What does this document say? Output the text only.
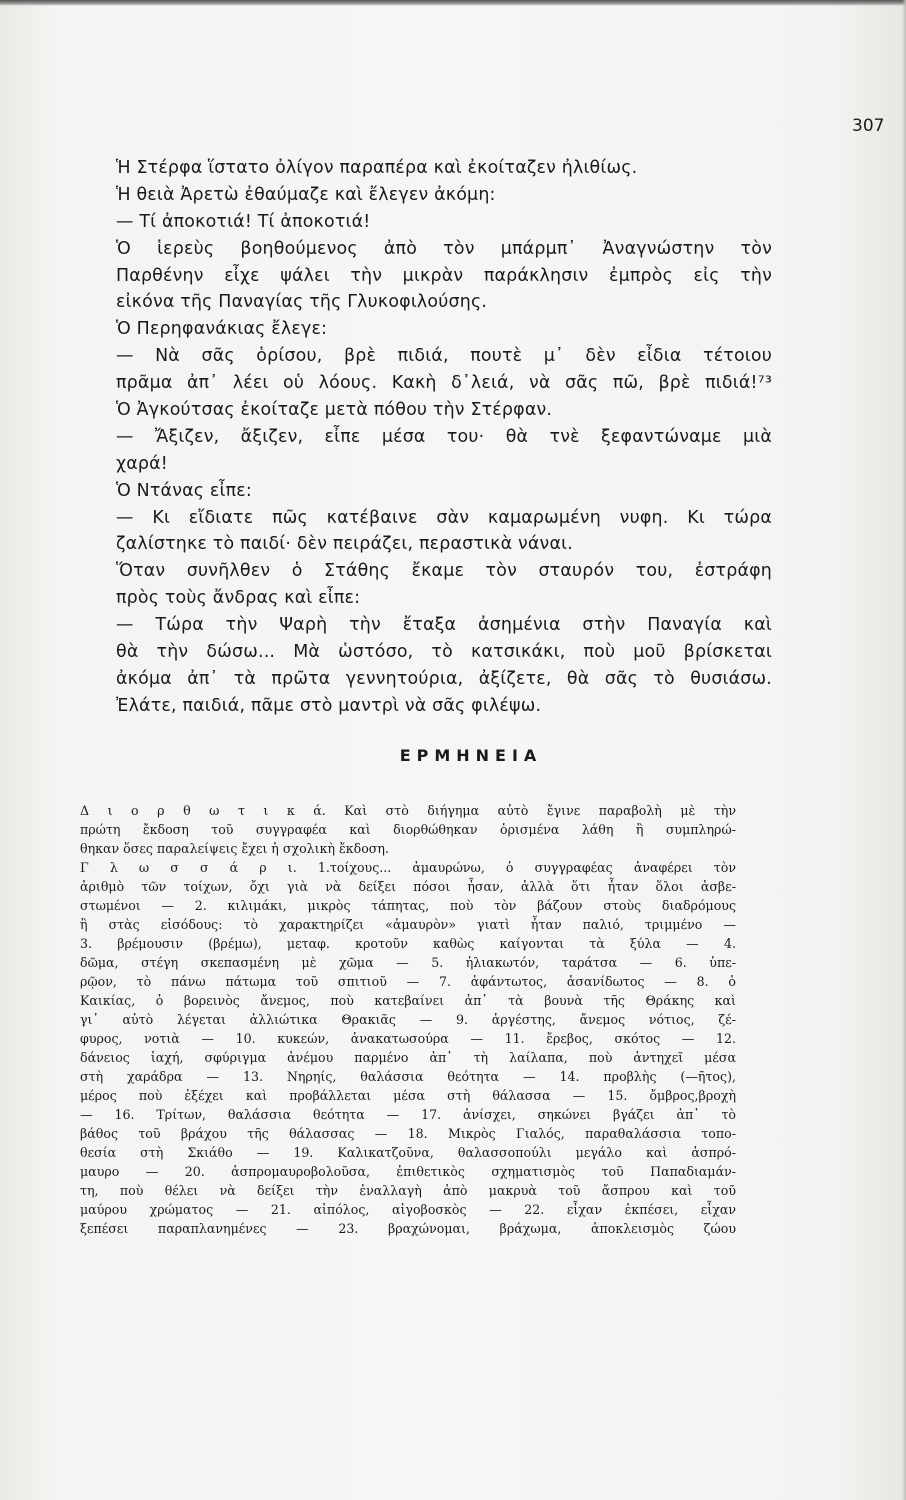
307
Ἡ Στέρφα ἵστατο ὀλίγον παραπέρα καὶ ἐκοίταζεν ἠλιθίως.
Ἡ θειὰ Ἀρετὼ ἐθαύμαζε καὶ ἔλεγεν ἀκόμη:
— Τί ἀποκοτιά! Τί ἀποκοτιά!
Ὁ ἱερεὺς βοηθούμενος ἀπὸ τὸν μπάρμπ᾿ Ἀναγνώστην τὸν
Παρθένην εἶχε ψάλει τὴν μικρὰν παράκλησιν ἐμπρὸς εἰς τὴν
εἰκόνα τῆς Παναγίας τῆς Γλυκοφιλούσης.
Ὁ Περηφανάκιας ἔλεγε:
— Νὰ σᾶς ὁρίσου, βρὲ πιδιά, πουτὲ μ᾿ δὲν εἶδια τέτοιου
πρᾶμα ἀπ᾿ λέει οὑ λόους. Κακὴ δ᾿λειά, νὰ σᾶς πῶ, βρὲ πιδιά!⁷³
Ὁ Ἀγκούτσας ἐκοίταζε μετὰ πόθου τὴν Στέρφαν.
— Ἄξιζεν, ἄξιζεν, εἶπε μέσα του· θὰ τνὲ ξεφαντώναμε μιὰ
χαρά!
Ὁ Ντάνας εἶπε:
— Κι εἴδιατε πῶς κατέβαινε σὰν καμαρωμένη νυφη. Κι τώρα
ζαλίστηκε τὸ παιδί· δὲν πειράζει, περαστικὰ νάναι.
Ὅταν συνῆλθεν ὁ Στάθης ἔκαμε τὸν σταυρόν του, ἐστράφη
πρὸς τοὺς ἄνδρας καὶ εἶπε:
— Τώρα τὴν Ψαρὴ τὴν ἔταξα ἀσημένια στὴν Παναγία καὶ
θὰ τὴν δώσω... Μὰ ὡστόσο, τὸ κατσικάκι, ποὺ μοῦ βρίσκεται
ἀκόμα ἀπ᾿ τὰ πρῶτα γεννητούρια, ἀξίζετε, θὰ σᾶς τὸ θυσιάσω.
Ἐλάτε, παιδιά, πᾶμε στὸ μαντρὶ νὰ σᾶς φιλέψω.
ΕΡΜΗΝΕΙΑ
Δ ι ο ρ θ ω τ ι κ ά. Καὶ στὸ διήγημα αὐτὸ ἔγινε παραβολὴ μὲ τὴν
πρώτη ἔκδοση τοῦ συγγραφέα καὶ διορθώθηκαν ὁρισμένα λάθη ἢ συμπληρώ-
θηκαν ὅσες παραλείψεις ἔχει ἡ σχολικὴ ἔκδοση.
Γ λ ω σ σ ά ρ ι. 1.τοίχους... ἀμαυρώνω, ὁ συγγραφέας ἀναφέρει τὸν
ἀριθμὸ τῶν τοίχων, ὄχι γιὰ νὰ δείξει πόσοι ἦσαν, ἀλλὰ ὅτι ἦταν ὅλοι ἀσβε-
στωμένοι — 2. κιλιμάκι, μικρὸς τάπητας, ποὺ τὸν βάζουν στοὺς διαδρόμους
ἢ στὰς εἰσόδους: τὸ χαρακτηρίζει «ἀμαυρὸν» γιατὶ ἦταν παλιό, τριμμένο —
3. βρέμουσιν (βρέμω), μεταφ. κροτοῦν καθὼς καίγονται τὰ ξύλα — 4.
δῶμα, στέγη σκεπασμένη μὲ χῶμα — 5. ἠλιακωτόν, ταράτσα — 6. ὑπε-
ρῷον, τὸ πάνω πάτωμα τοῦ σπιτιοῦ — 7. ἀφάντωτος, ἀσανίδωτος — 8. ὁ
Καικίας, ὁ βορεινὸς ἄνεμος, ποὺ κατεβαίνει ἀπ᾿ τὰ βουνὰ τῆς Θράκης καὶ
γι᾿ αὐτὸ λέγεται ἀλλιώτικα Θρακιᾶς — 9. ἀργέστης, ἄνεμος νότιος, ζέ-
φυρος, νοτιὰ — 10. κυκεών, ἀνακατωσούρα — 11. ἔρεβος, σκότος — 12.
δάνειος ἰαχή, σφύριγμα ἀνέμου παρμένο ἀπ᾿ τὴ λαίλαπα, ποὺ ἀντηχεῖ μέσα
στὴ χαράδρα — 13. Νηρηίς, θαλάσσια θεότητα — 14. προβλὴς (—ῆτος),
μέρος ποὺ ἐξέχει καὶ προβάλλεται μέσα στὴ θάλασσα — 15. ὄμβρος,βροχὴ
— 16. Τρίτων, θαλάσσια θεότητα — 17. ἀνίσχει, σηκώνει βγάζει ἀπ᾿ τὸ
βάθος τοῦ βράχου τῆς θάλασσας — 18. Μικρὸς Γιαλός, παραθαλάσσια τοπο-
θεσία στὴ Σκιάθο — 19. Καλικατζοῦνα, θαλασσοπούλι μεγάλο καὶ ἀσπρό-
μαυρο — 20. ἀσπρομαυροβολοῦσα, ἐπιθετικὸς σχηματισμὸς τοῦ Παπαδιαμάν-
τη, ποὺ θέλει νὰ δείξει τὴν ἐναλλαγὴ ἀπὸ μακρυὰ τοῦ ἄσπρου καὶ τοῦ
μαύρου χρώματος — 21. αἰπόλος, αἰγοβοσκὸς — 22. εἶχαν ἐκπέσει, εἶχαν
ξεπέσει παραπλανημένες — 23. βραχώνομαι, βράχωμα, ἀποκλεισμὸς ζώου
